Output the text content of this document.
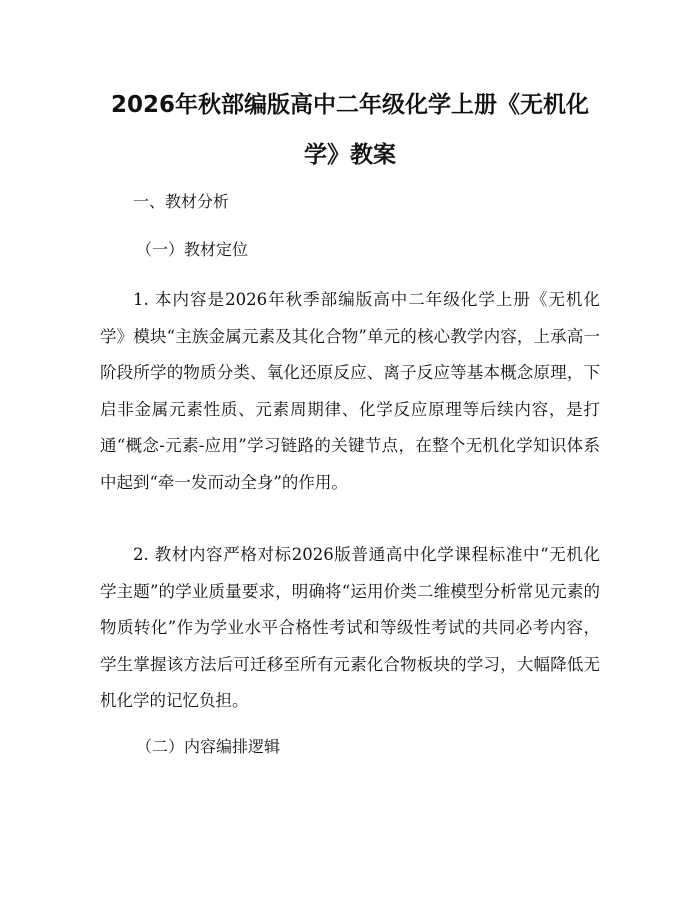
2026年秋部编版高中二年级化学上册《无机化学》教案
一、教材分析
（一）教材定位

1. 本内容是2026年秋季部编版高中二年级化学上册《无机化学》模块“主族金属元素及其化合物”单元的核心教学内容，上承高一阶段所学的物质分类、氧化还原反应、离子反应等基本概念原理，下启非金属元素性质、元素周期律、化学反应原理等后续内容，是打通“概念-元素-应用”学习链路的关键节点，在整个无机化学知识体系中起到“牵一发而动全身”的作用。

2. 教材内容严格对标2026版普通高中化学课程标准中“无机化学主题”的学业质量要求，明确将“运用价类二维模型分析常见元素的物质转化”作为学业水平合格性考试和等级性考试的共同必考内容，学生掌握该方法后可迁移至所有元素化合物板块的学习，大幅降低无机化学的记忆负担。

（二）内容编排逻辑
